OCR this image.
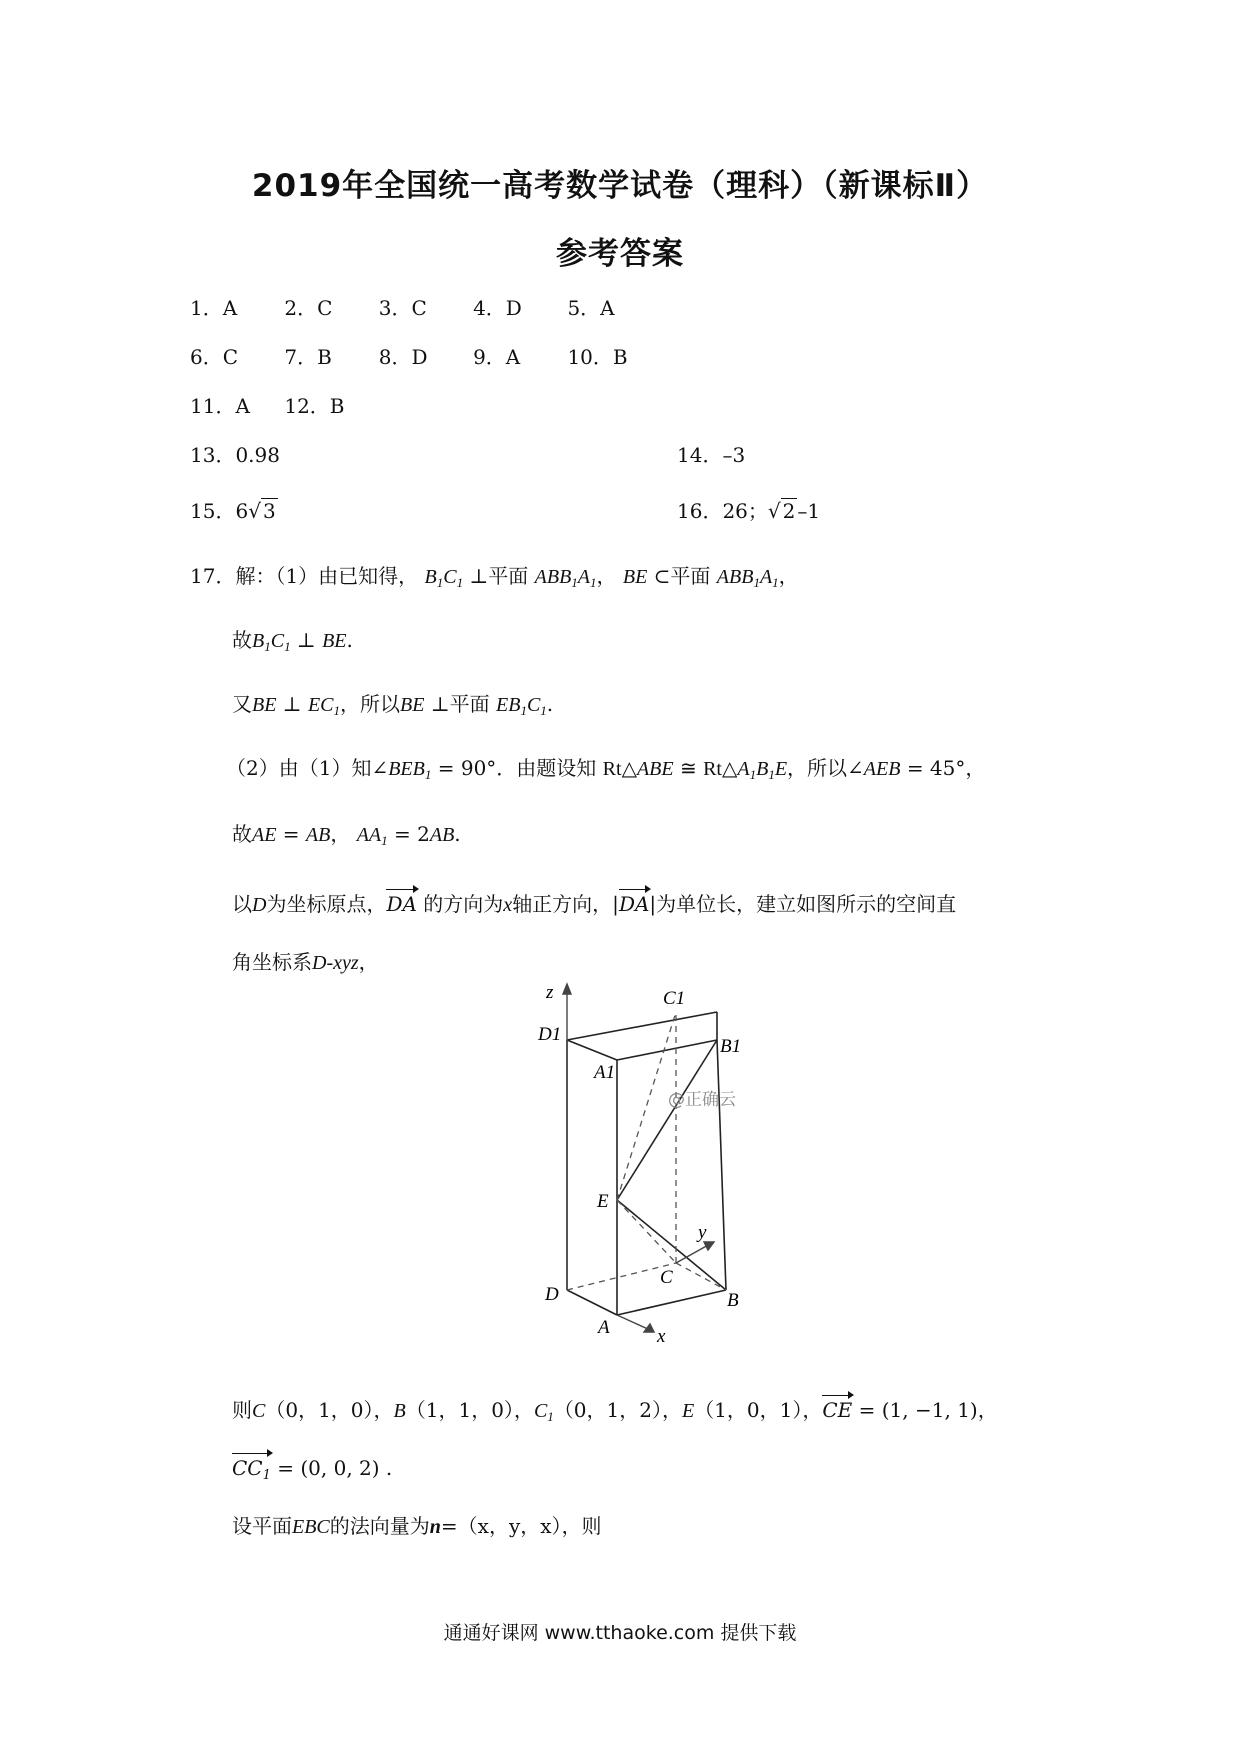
2019年全国统一高考数学试卷（理科）（新课标Ⅱ）
参考答案
1．A 2．C 3．C 4．D 5．A
6．C 7．B 8．D 9．A 10．B
11．A 12．B
13．0.98	14．–3
15．6√ 3	16．26；√ 2 –1
17．解：（1）由已知得， $B_1C_1$ ⊥平面 $ABB_1A_1$， BE ⊂平面 $ABB_1A_1$，
故$B_1C_1$ ⊥ BE.
又BE ⊥ $EC_1$，所以BE ⊥平面 $EB_1C_1$.
（2）由（1）知$\angle BEB_1 = 90^\circ$．由题设知 Rt△ABE ≅ $Rt\triangle A_1B_1E$，所以∠AEB = 45°，
故AE = AB， $AA_1 = 2AB$.
以D为坐标原点，DA 的方向为x轴正方向，|DA|为单位长，建立如图所示的空间直
角坐标系D-xyz，
z	C1
D1
B1
A1
@正确云
E
y
C
D	B
A x
则C（0，1，0），B（1，1，0），$C_1(0$，1，2），E（1，0，1），CE = (1, −1, 1)，
$CC_1 = (0$, 0, 2) .
设平面EBC的法向量为n=（x，y，x），则
通通好课网 www.tthaoke.com 提供下载
